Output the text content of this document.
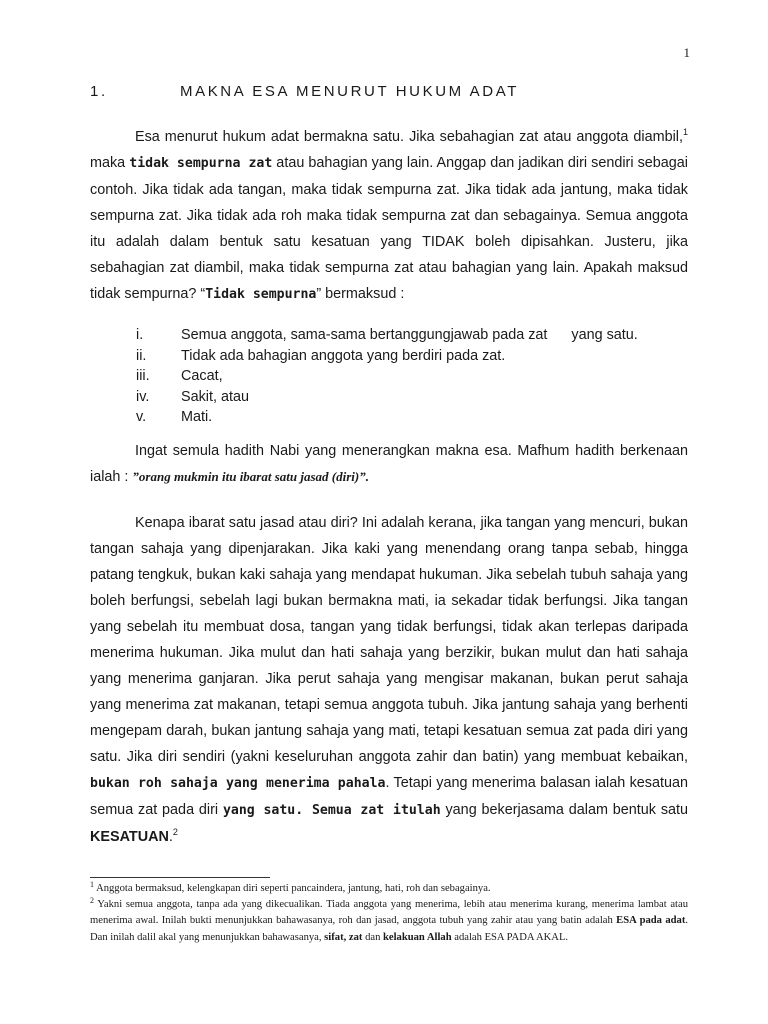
1
1.	MAKNA ESA MENURUT HUKUM ADAT

Esa menurut hukum adat bermakna satu. Jika sebahagian zat atau anggota diambil,$^1$ maka tidak sempurna zat atau bahagian yang lain. Anggap dan jadikan diri sendiri sebagai contoh. Jika tidak ada tangan, maka tidak sempurna zat. Jika tidak ada jantung, maka tidak sempurna zat. Jika tidak ada roh maka tidak sempurna zat dan sebagainya. Semua anggota itu adalah dalam bentuk satu kesatuan yang TIDAK boleh dipisahkan. Justeru, jika sebahagian zat diambil, maka tidak sempurna zat atau bahagian yang lain. Apakah maksud tidak sempurna? “Tidak sempurna” bermaksud :

i.	Semua anggota, sama-sama bertanggungjawab pada zat      yang satu.
ii. Tidak ada bahagian anggota yang berdiri pada zat.
iii. Cacat,
iv. Sakit, atau
v. Mati.

Ingat semula hadith Nabi yang menerangkan makna esa. Mafhum hadith berkenaan ialah : ”orang mukmin itu ibarat satu jasad (diri)”.

Kenapa ibarat satu jasad atau diri? Ini adalah kerana, jika tangan yang mencuri, bukan tangan sahaja yang dipenjarakan. Jika kaki yang menendang orang tanpa sebab, hingga patang tengkuk, bukan kaki sahaja yang mendapat hukuman. Jika sebelah tubuh sahaja yang boleh berfungsi, sebelah lagi bukan bermakna mati, ia sekadar tidak berfungsi. Jika tangan yang sebelah itu membuat dosa, tangan yang tidak berfungsi, tidak akan terlepas daripada menerima hukuman. Jika mulut dan hati sahaja yang berzikir, bukan mulut dan hati sahaja yang menerima ganjaran. Jika perut sahaja yang mengisar makanan, bukan perut sahaja yang menerima zat makanan, tetapi semua anggota tubuh. Jika jantung sahaja yang berhenti mengepam darah, bukan jantung sahaja yang mati, tetapi kesatuan semua zat pada diri yang satu. Jika diri sendiri (yakni keseluruhan anggota zahir dan batin) yang membuat kebaikan, bukan roh sahaja yang menerima pahala. Tetapi yang menerima balasan ialah kesatuan semua zat pada diri yang satu. Semua zat itulah yang bekerjasama dalam bentuk satu KESATUAN.$^2$

$^1$ Anggota bermaksud, kelengkapan diri seperti pancaindera, jantung, hati, roh dan sebagainya.

$^2$ Yakni semua anggota, tanpa ada yang dikecualikan. Tiada anggota yang menerima, lebih atau menerima kurang, menerima lambat atau menerima awal. Inilah bukti menunjukkan bahawasanya, roh dan jasad, anggota tubuh yang zahir atau yang batin adalah ESA pada adat. Dan inilah dalil akal yang menunjukkan bahawasanya, sifat, zat dan kelakuan Allah adalah ESA PADA AKAL.
